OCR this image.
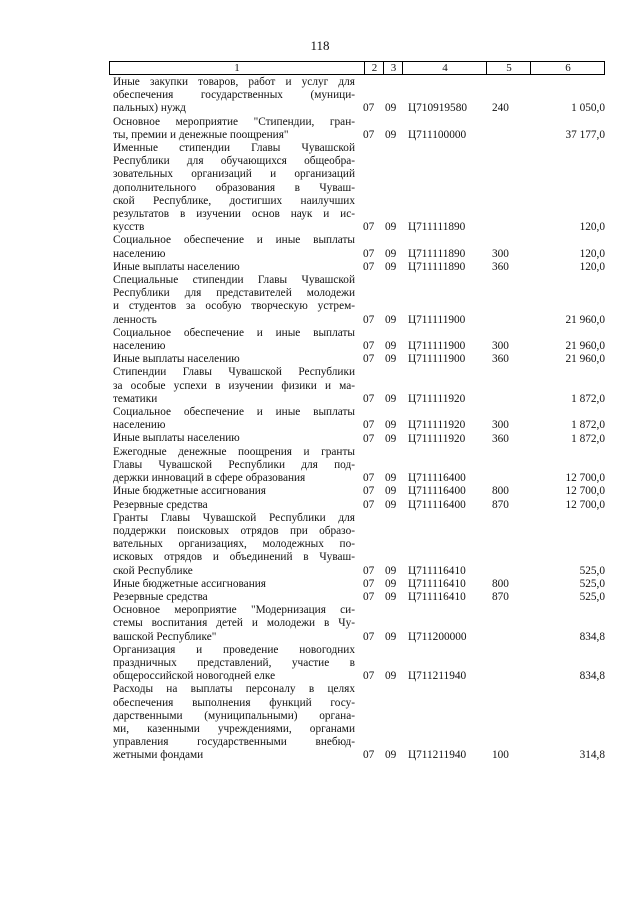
118
1	2	3	4	5	6
Иные закупки товаров, работ и услуг для
обеспечения государственных (муници-
пальных) нужд	07 09 Ц710919580 240	1 050,0
Основное мероприятие "Стипендии, гран-
ты, премии и денежные поощрения"	07 09 Ц711100000	37 177,0
Именные стипендии Главы Чувашской
Республики для обучающихся общеобра-
зовательных организаций и организаций
дополнительного образования в Чуваш-
ской Республике, достигших наилучших
результатов в изучении основ наук и ис-
кусств	07 09 Ц711111890	120,0
Социальное обеспечение и иные выплаты
населению	07 09 Ц711111890 300	120,0
Иные выплаты населению	07 09 Ц711111890 360	120,0
Специальные стипендии Главы Чувашской
Республики для представителей молодежи
и студентов за особую творческую устрем-
ленность	07 09 Ц711111900	21 960,0
Социальное обеспечение и иные выплаты
населению	07 09 Ц711111900 300	21 960,0
Иные выплаты населению	07 09 Ц711111900 360	21 960,0
Стипендии Главы Чувашской Республики
за особые успехи в изучении физики и ма-
тематики	07 09 Ц711111920	1 872,0
Социальное обеспечение и иные выплаты
населению	07 09 Ц711111920 300	1 872,0
Иные выплаты населению	07 09 Ц711111920 360	1 872,0
Ежегодные денежные поощрения и гранты
Главы Чувашской Республики для под-
держки инноваций в сфере образования	07 09 Ц711116400	12 700,0
Иные бюджетные ассигнования	07 09 Ц711116400 800	12 700,0
Резервные средства	07 09 Ц711116400 870	12 700,0
Гранты Главы Чувашской Республики для
поддержки поисковых отрядов при образо-
вательных организациях, молодежных по-
исковых отрядов и объединений в Чуваш-
ской Республике	07 09 Ц711116410	525,0
Иные бюджетные ассигнования	07 09 Ц711116410 800	525,0
Резервные средства	07 09 Ц711116410 870	525,0
Основное мероприятие "Модернизация си-
стемы воспитания детей и молодежи в Чу-
вашской Республике"	07 09 Ц711200000	834,8
Организация и проведение новогодних
праздничных представлений, участие в
общероссийской новогодней елке	07 09 Ц711211940	834,8
Расходы на выплаты персоналу в целях
обеспечения выполнения функций госу-
дарственными (муниципальными) органа-
ми, казенными учреждениями, органами
управления государственными внебюд-
жетными фондами	07 09 Ц711211940 100	314,8
